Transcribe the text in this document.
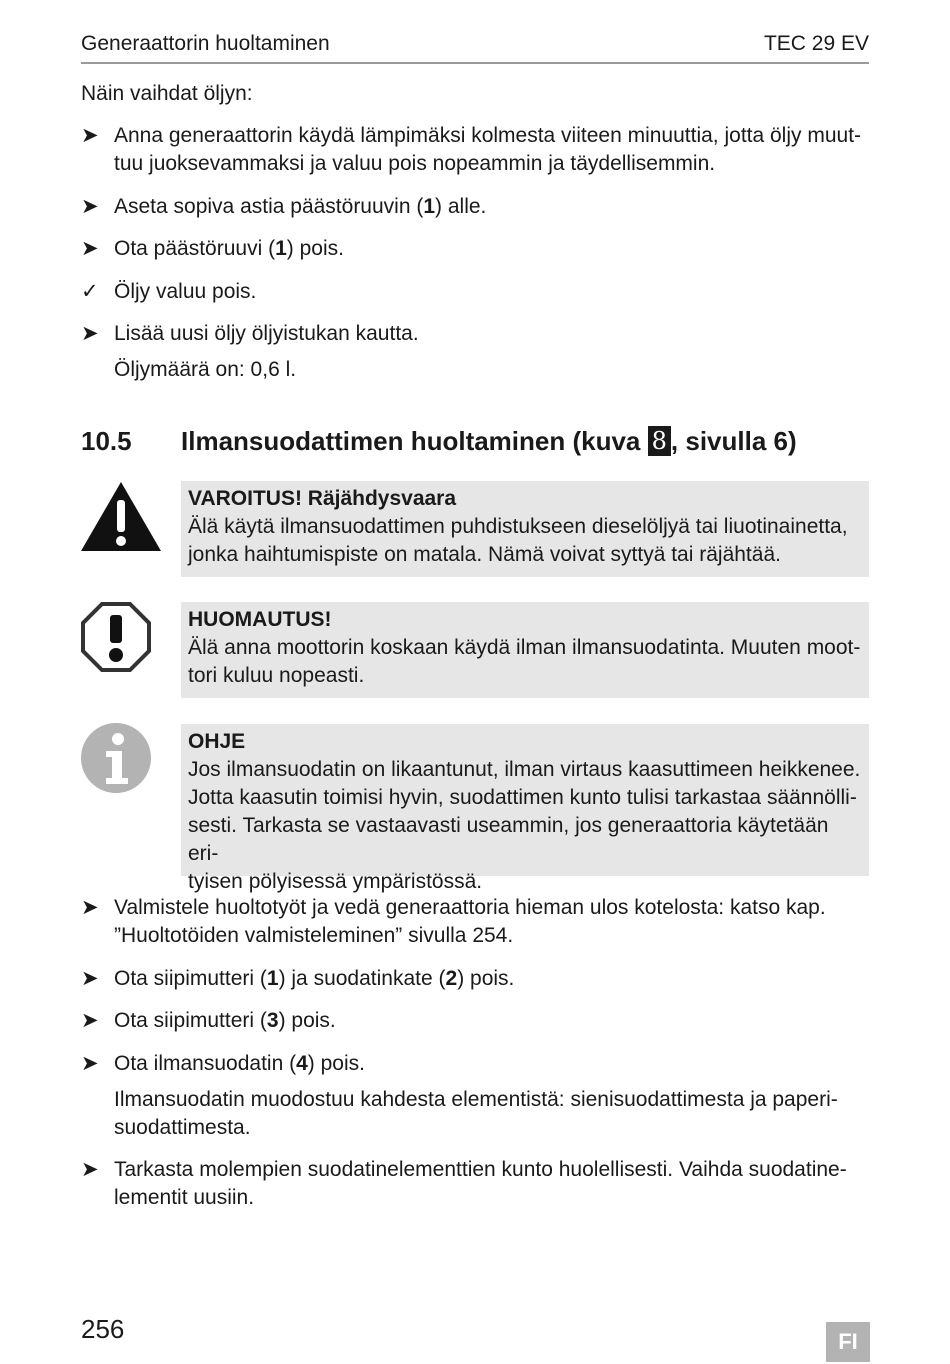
Generaattorin huoltaminen	TEC 29 EV
Näin vaihdat öljyn:
➤ Anna generaattorin käydä lämpimäksi kolmesta viiteen minuuttia, jotta öljy muut-
tuu juoksevammaksi ja valuu pois nopeammin ja täydellisemmin.
➤ Aseta sopiva astia päästöruuvin (1) alle.
➤ Ota päästöruuvi (1) pois.
✓ Öljy valuu pois.
➤ Lisää uusi öljy öljyistukan kautta.
Öljymäärä on: 0,6 l.
10.5 Ilmansuodattimen huoltaminen (kuva 8 , sivulla 6)
VAROITUS! Räjähdysvaara
Älä käytä ilmansuodattimen puhdistukseen dieselöljyä tai liuotinainetta,
jonka haihtumispiste on matala. Nämä voivat syttyä tai räjähtää.
HUOMAUTUS!
Älä anna moottorin koskaan käydä ilman ilmansuodatinta. Muuten moot-
tori kuluu nopeasti.
OHJE
Jos ilmansuodatin on likaantunut, ilman virtaus kaasuttimeen heikkenee.
Jotta kaasutin toimisi hyvin, suodattimen kunto tulisi tarkastaa säännölli-
sesti. Tarkasta se vastaavasti useammin, jos generaattoria käytetään eri-
tyisen pölyisessä ympäristössä.
➤ Valmistele huoltotyöt ja vedä generaattoria hieman ulos kotelosta: katso kap.
”Huoltotöiden valmisteleminen” sivulla 254.
➤ Ota siipimutteri (1) ja suodatinkate (2) pois.
➤ Ota siipimutteri (3) pois.
➤ Ota ilmansuodatin (4) pois.
Ilmansuodatin muodostuu kahdesta elementistä: sienisuodattimesta ja paperi-
suodattimesta.
➤ Tarkasta molempien suodatinelementtien kunto huolellisesti. Vaihda suodatine-
lementit uusiin.
256	FI
